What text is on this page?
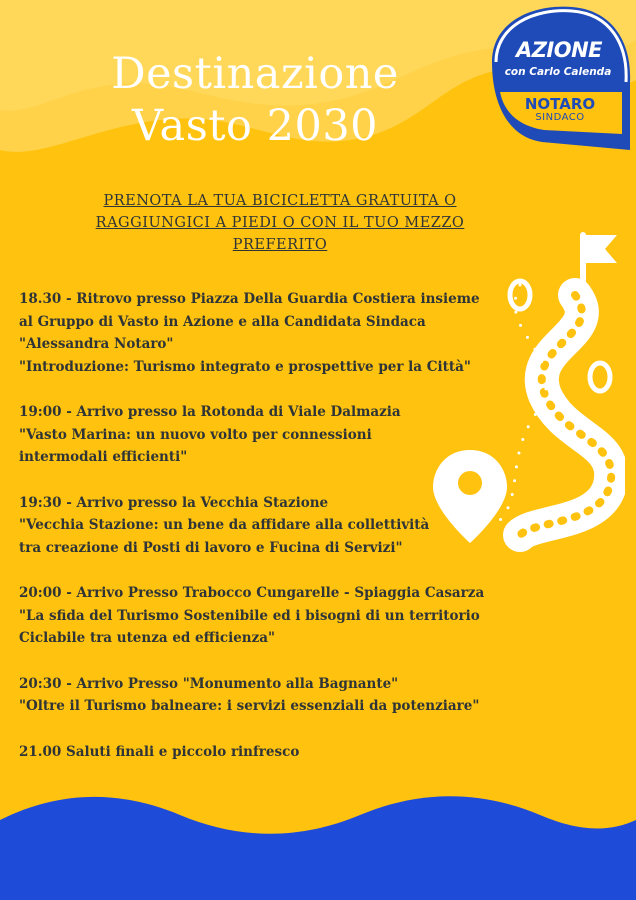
Destinazione
Vasto 2030
AZIONE
con Carlo Calenda
NOTARO
SINDACO
PRENOTA LA TUA BICICLETTA GRATUITA O
RAGGIUNGICI A PIEDI O CON IL TUO MEZZO
PREFERITO
18.30 - Ritrovo presso Piazza Della Guardia Costiera insieme
al Gruppo di Vasto in Azione e alla Candidata Sindaca
"Alessandra Notaro"
"Introduzione: Turismo integrato e prospettive per la Città"
19:00 - Arrivo presso la Rotonda di Viale Dalmazia
"Vasto Marina: un nuovo volto per connessioni
intermodali efficienti"
19:30 - Arrivo presso la Vecchia Stazione
"Vecchia Stazione: un bene da affidare alla collettività
tra creazione di Posti di lavoro e Fucina di Servizi"
20:00 - Arrivo Presso Trabocco Cungarelle - Spiaggia Casarza
"La sfida del Turismo Sostenibile ed i bisogni di un territorio
Ciclabile tra utenza ed efficienza"
20:30 - Arrivo Presso "Monumento alla Bagnante"
"Oltre il Turismo balneare: i servizi essenziali da potenziare"
21.00 Saluti finali e piccolo rinfresco
